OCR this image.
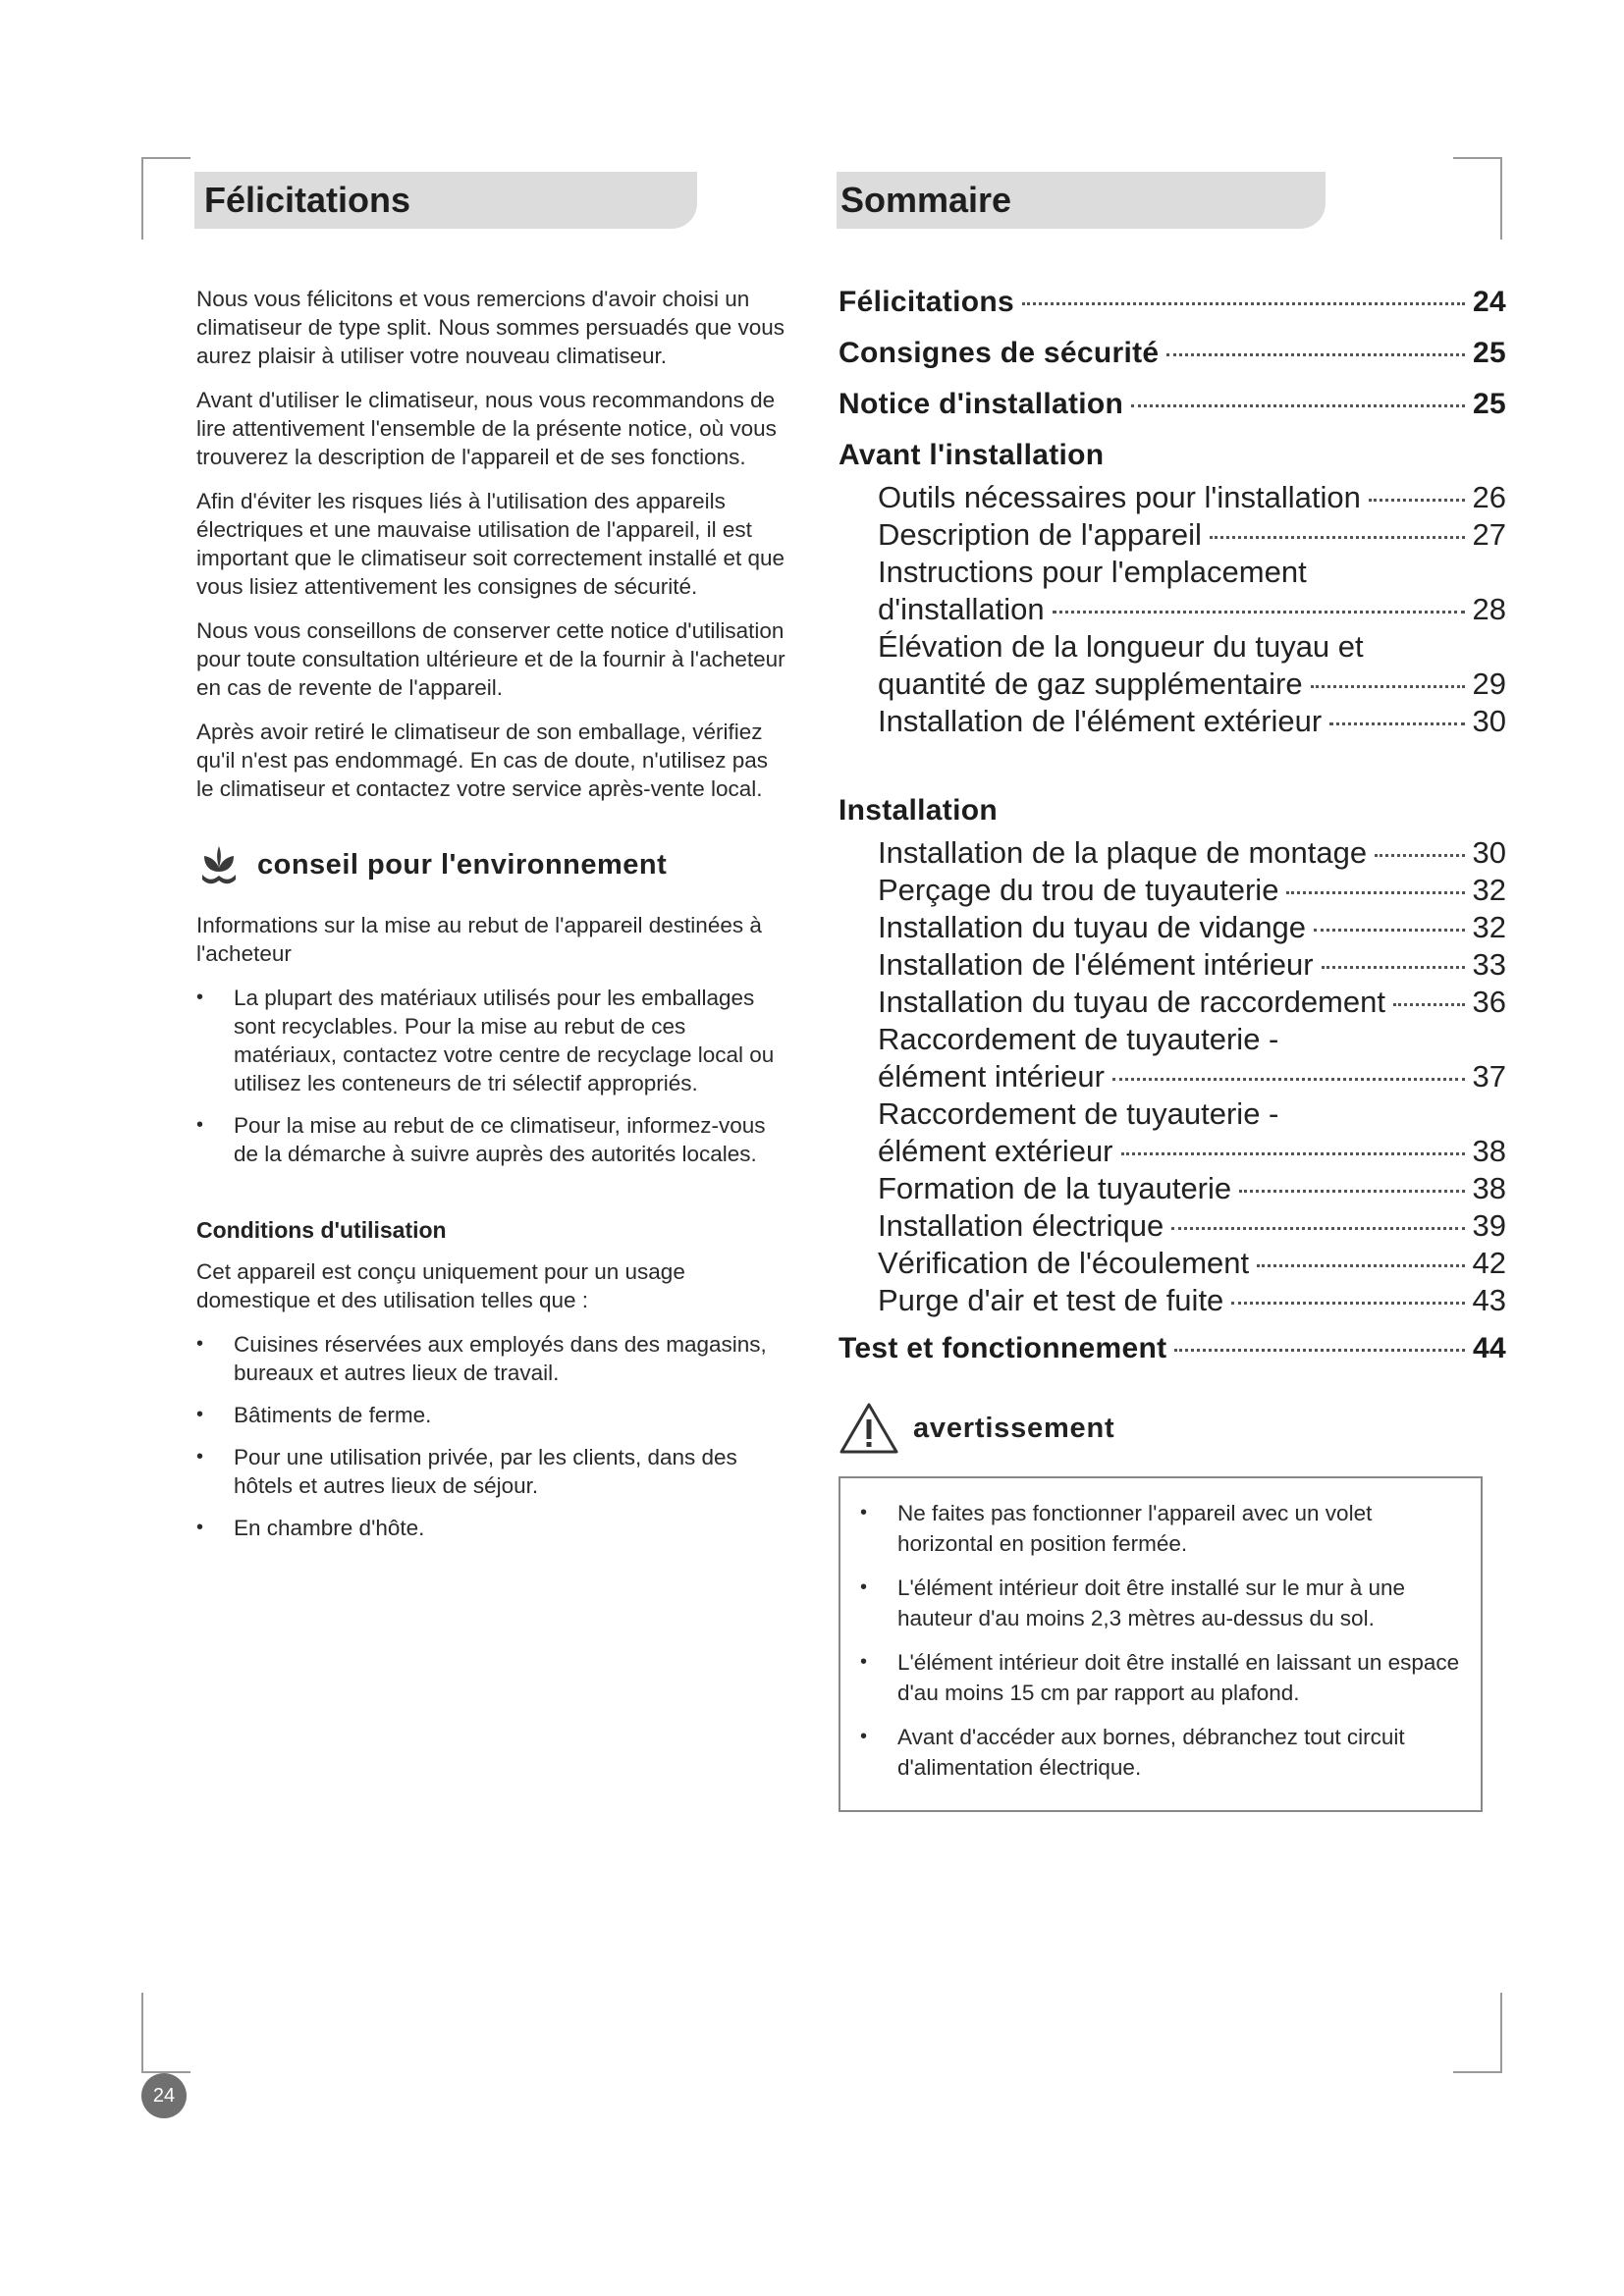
Félicitations	Sommaire

Nous vous félicitons et vous remercions d'avoir choisi un climatiseur de type split. Nous sommes persuadés que vous aurez plaisir à utiliser votre nouveau climatiseur.

Avant d'utiliser le climatiseur, nous vous recommandons de lire attentivement l'ensemble de la présente notice, où vous trouverez la description de l'appareil et de ses fonctions.

Afin d'éviter les risques liés à l'utilisation des appareils électriques et une mauvaise utilisation de l'appareil, il est important que le climatiseur soit correctement installé et que vous lisiez attentivement les consignes de sécurité.

Nous vous conseillons de conserver cette notice d'utilisation pour toute consultation ultérieure et de la fournir à l'acheteur en cas de revente de l'appareil.

Après avoir retiré le climatiseur de son emballage, vérifiez qu'il n'est pas endommagé. En cas de doute, n'utilisez pas le climatiseur et contactez votre service après-vente local.

conseil pour l'environnement

Informations sur la mise au rebut de l'appareil destinées à l'acheteur

• La plupart des matériaux utilisés pour les emballages sont recyclables. Pour la mise au rebut de ces matériaux, contactez votre centre de recyclage local ou utilisez les conteneurs de tri sélectif appropriés.
• Pour la mise au rebut de ce climatiseur, informez-vous de la démarche à suivre auprès des autorités locales.
Conditions d'utilisation

Cet appareil est conçu uniquement pour un usage domestique et des utilisation telles que :

• Cuisines réservées aux employés dans des magasins, bureaux et autres lieux de travail.
• Bâtiments de ferme.
• Pour une utilisation privée, par les clients, dans des hôtels et autres lieux de séjour.
• En chambre d'hôte.
Félicitations	24
Consignes de sécurité	25
Notice d'installation	25
Avant l'installation
Outils nécessaires pour l'installation	26
Description de l'appareil	27
Instructions pour l'emplacement
d'installation	28
Élévation de la longueur du tuyau et
quantité de gaz supplémentaire	29
Installation de l'élément extérieur	30
Installation
Installation de la plaque de montage	30
Perçage du trou de tuyauterie	32
Installation du tuyau de vidange	32
Installation de l'élément intérieur	33
Installation du tuyau de raccordement	36
Raccordement de tuyauterie -
élément intérieur	37
Raccordement de tuyauterie -
élément extérieur	38
Formation de la tuyauterie	38
Installation électrique	39
Vérification de l'écoulement	42
Purge d'air et test de fuite	43
Test et fonctionnement	44
avertissement
• Ne faites pas fonctionner l'appareil avec un volet horizontal en position fermée.
• L'élément intérieur doit être installé sur le mur à une hauteur d'au moins 2,3 mètres au-dessus du sol.
• L'élément intérieur doit être installé en laissant un espace d'au moins 15 cm par rapport au plafond.
• Avant d'accéder aux bornes, débranchez tout circuit d'alimentation électrique.
24
